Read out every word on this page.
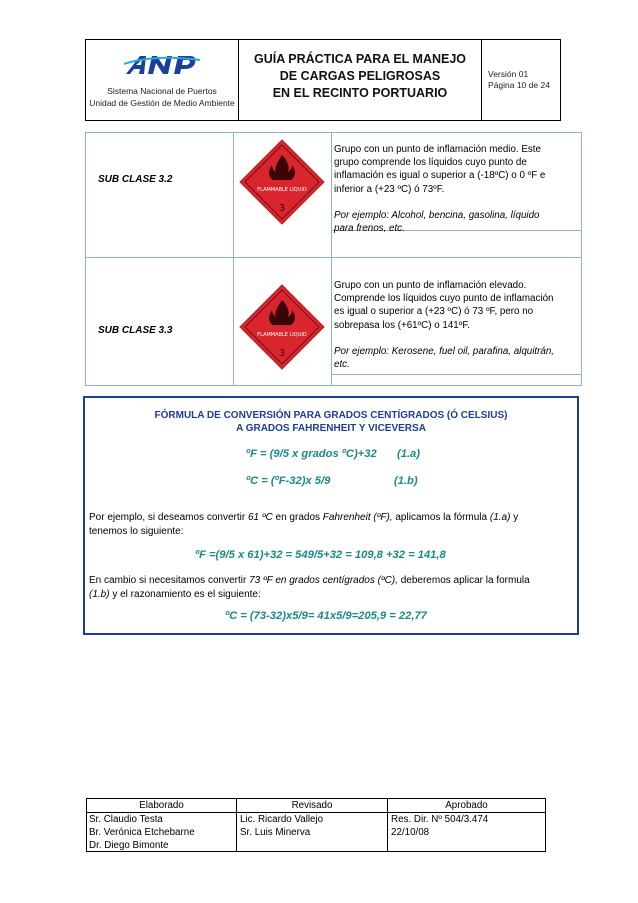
Sistema Nacional de Puertos
Unidad de Gestión de Medio Ambiente
GUÍA PRÁCTICA PARA EL MANEJO
DE CARGAS PELIGROSAS
EN EL RECINTO PORTUARIO
Versión 01
Página 10 de 24
SUB CLASE 3.2
FLAMMABLE LIQUID
3
Grupo con un punto de inflamación medio. Este
grupo comprende los líquidos cuyo punto de
inflamación es igual o superior a (-18ºC) o 0 ºF e
inferior a (+23 ºC) ó 73ºF.
Por ejemplo: Alcohol, bencina, gasolina, líquido
para frenos, etc.
SUB CLASE 3.3	FLAMMABLE LIQUID
3
Grupo con un punto de inflamación elevado.
Comprende los líquidos cuyo punto de inflamación
es igual o superior a (+23 ºC) ó 73 ºF, pero no
sobrepasa los (+61ºC) o 141ºF.
Por ejemplo: Kerosene, fuel oil, parafina, alquitrán,
etc.
FÓRMULA DE CONVERSIÓN PARA GRADOS CENTÍGRADOS (Ó CELSIUS)
A GRADOS FAHRENHEIT Y VICEVERSA
ºF = (9/5 x grados ºC)+32 (1.a)
ºC = (ºF-32)x 5/9	(1.b)
Por ejemplo, si deseamos convertir 61 ºC en grados Fahrenheit (ºF), aplicamos la fórmula (1.a) y
tenemos lo siguiente:
ºF =(9/5 x 61)+32 = 549/5+32 = 109,8 +32 = 141,8
En cambio si necesitamos convertir 73 ºF en grados centígrados (ºC), deberemos aplicar la formula
(1.b) y el razonamiento es el siguiente:
ºC = (73-32)x5/9= 41x5/9=205,9 = 22,77
Elaborado
Sr. Claudio Testa
Br. Verónica Etchebarne
Dr. Diego Bimonte
Revisado
Lic. Ricardo Vallejo
Sr. Luis Minerva
Aprobado
Res. Dir. Nº 504/3.474
22/10/08
